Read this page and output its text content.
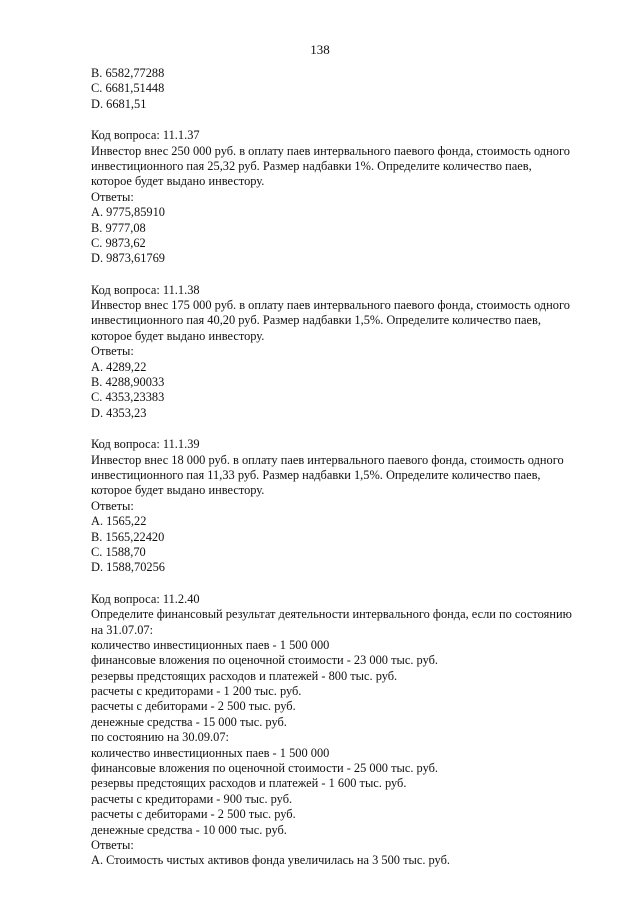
138
B. 6582,77288
C. 6681,51448
D. 6681,51
Код вопроса: 11.1.37
Инвестор внес 250 000 руб. в оплату паев интервального паевого фонда, стоимость одного
инвестиционного пая 25,32 руб. Размер надбавки 1%. Определите количество паев,
которое будет выдано инвестору.
Ответы:
A. 9775,85910
B. 9777,08
C. 9873,62
D. 9873,61769
Код вопроса: 11.1.38
Инвестор внес 175 000 руб. в оплату паев интервального паевого фонда, стоимость одного
инвестиционного пая 40,20 руб. Размер надбавки 1,5%. Определите количество паев,
которое будет выдано инвестору.
Ответы:
A. 4289,22
B. 4288,90033
C. 4353,23383
D. 4353,23
Код вопроса: 11.1.39
Инвестор внес 18 000 руб. в оплату паев интервального паевого фонда, стоимость одного
инвестиционного пая 11,33 руб. Размер надбавки 1,5%. Определите количество паев,
которое будет выдано инвестору.
Ответы:
A. 1565,22
B. 1565,22420
C. 1588,70
D. 1588,70256
Код вопроса: 11.2.40
Определите финансовый результат деятельности интервального фонда, если по состоянию
на 31.07.07:
количество инвестиционных паев - 1 500 000
финансовые вложения по оценочной стоимости - 23 000 тыс. руб.
резервы предстоящих расходов и платежей - 800 тыс. руб.
расчеты с кредиторами - 1 200 тыс. руб.
расчеты с дебиторами - 2 500 тыс. руб.
денежные средства - 15 000 тыс. руб.
по состоянию на 30.09.07:
количество инвестиционных паев - 1 500 000
финансовые вложения по оценочной стоимости - 25 000 тыс. руб.
резервы предстоящих расходов и платежей - 1 600 тыс. руб.
расчеты с кредиторами - 900 тыс. руб.
расчеты с дебиторами - 2 500 тыс. руб.
денежные средства - 10 000 тыс. руб.
Ответы:
A. Стоимость чистых активов фонда увеличилась на 3 500 тыс. руб.
